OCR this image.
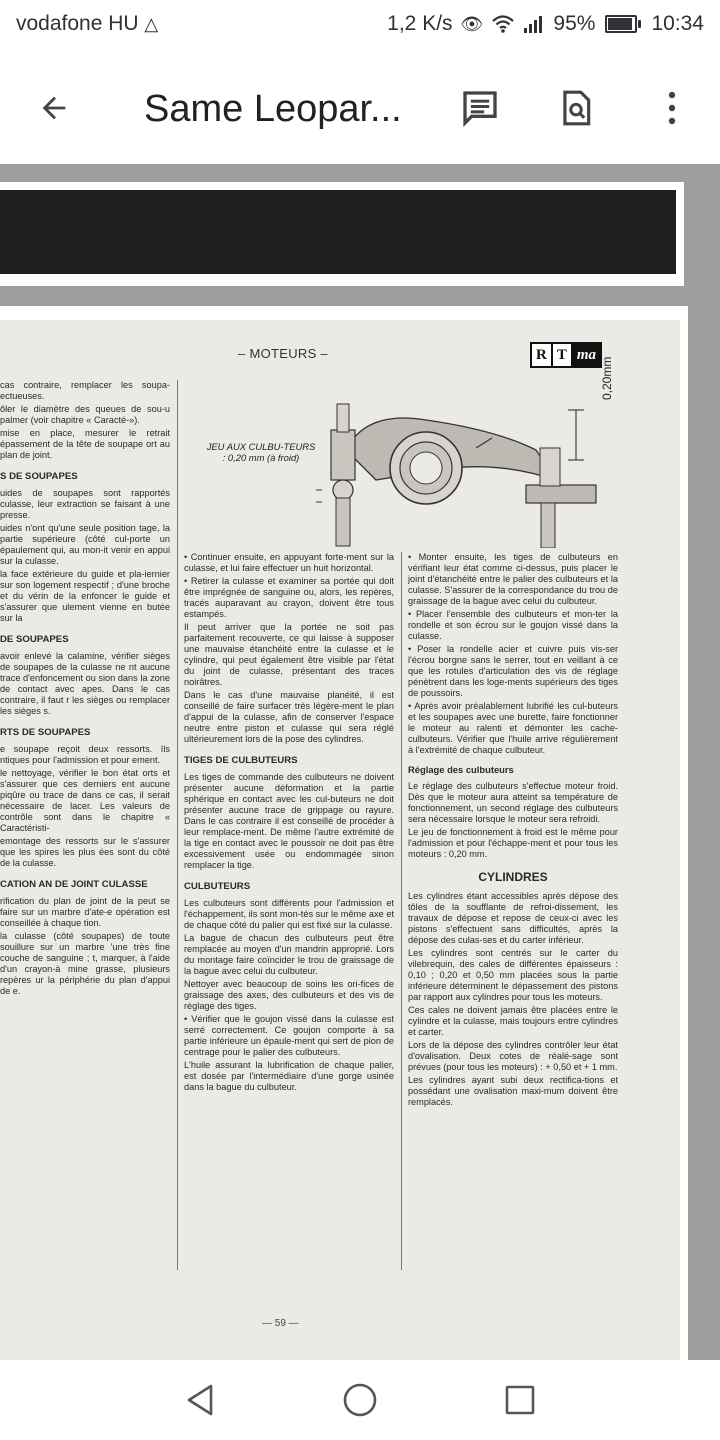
vodafone HU △	1,2 K/s 👁	95%	10:34
Same Leopar...
– MOTEURS –	R T ma
JEU AUX CULBU-TEURS : 0,20 mm (à froid)
0,20mm

cas contraire, remplacer les soupa-ectueuses.

ôler le diamètre des queues de sou-u palmer (voir chapitre « Caracté-»).

mise en place, mesurer le retrait épassement de la tête de soupape ort au plan de joint.

S DE SOUPAPES

uides de soupapes sont rapportés culasse, leur extraction se faisant à une presse.

uides n'ont qu'une seule position tage, la partie supérieure (côté cul-porte un épaulement qui, au mon-it venir en appui sur la culasse.

la face extérieure du guide et pla-iernier sur son logement respectif ; d'une broche et du vérin de la enfoncer le guide et s'assurer que ulement vienne en butée sur la

DE SOUPAPES

avoir enlevé la calamine, vérifier sièges de soupapes de la culasse ne nt aucune trace d'enfoncement ou sion dans la zone de contact avec apes. Dans le cas contraire, il faut r les sièges ou remplacer les sièges s.

RTS DE SOUPAPES

e soupape reçoit deux ressorts. Ils ntiques pour l'admission et pour ement.

le nettoyage, vérifier le bon état orts et s'assurer que ces derniers ent aucune piqûre ou trace de dans ce cas, il serait nécessaire de lacer. Les valeurs de contrôle sont dans le chapitre « Caractéristi-

emontage des ressorts sur le s'assurer que les spires les plus ées sont du côté de la culasse.

CATION AN DE JOINT CULASSE

rification du plan de joint de la peut se faire sur un marbre d'ate-e opération est conseillée à chaque tion.

la culasse (côté soupapes) de toute souillure sur un marbre 'une très fine couche de sanguine ; t, marquer, à l'aide d'un crayon-à mine grasse, plusieurs repères ur la périphérie du plan d'appui de e.

• Continuer ensuite, en appuyant forte-ment sur la culasse, et lui faire effectuer un huit horizontal.

• Retirer la culasse et examiner sa portée qui doit être imprégnée de sanguine ou, alors, les repères, tracés auparavant au crayon, doivent être tous estampés.

Il peut arriver que la portée ne soit pas parfaitement recouverte, ce qui laisse à supposer une mauvaise étanchéité entre la culasse et le cylindre, qui peut également être visible par l'état du joint de culasse, présentant des traces noirâtres.

Dans le cas d'une mauvaise planéité, il est conseillé de faire surfacer très légère-ment le plan d'appui de la culasse, afin de conserver l'espace neutre entre piston et culasse qui sera réglé ultérieurement lors de la pose des cylindres.

TIGES DE CULBUTEURS

Les tiges de commande des culbuteurs ne doivent présenter aucune déformation et la partie sphérique en contact avec les cul-buteurs ne doit présenter aucune trace de grippage ou rayure. Dans le cas contraire il est conseillé de procéder à leur remplace-ment. De même l'autre extrémité de la tige en contact avec le poussoir ne doit pas être excessivement usée ou endommagée sinon remplacer la tige.

CULBUTEURS

Les culbuteurs sont différents pour l'admission et l'échappement, ils sont mon-tés sur le même axe et de chaque côté du palier qui est fixé sur la culasse.

La bague de chacun des culbuteurs peut être remplacée au moyen d'un mandrin approprié. Lors du montage faire coïncider le trou de graissage de la bague avec celui du culbuteur.

Nettoyer avec beaucoup de soins les ori-fices de graissage des axes, des culbuteurs et des vis de réglage des tiges.

• Vérifier que le goujon vissé dans la culasse est serré correctement. Ce goujon comporte à sa partie inférieure un épaule-ment qui sert de pion de centrage pour le palier des culbuteurs.

L'huile assurant la lubrification de chaque palier, est dosée par l'intermédiaire d'une gorge usinée dans la bague du culbuteur.

• Monter ensuite, les tiges de culbuteurs en vérifiant leur état comme ci-dessus, puis placer le joint d'étanchéité entre le palier des culbuteurs et la culasse. S'assurer de la correspondance du trou de graissage de la bague avec celui du culbuteur.

• Placer l'ensemble des culbuteurs et mon-ter la rondelle et son écrou sur le goujon vissé dans la culasse.

• Poser la rondelle acier et cuivre puis vis-ser l'écrou borgne sans le serrer, tout en veillant à ce que les rotules d'articulation des vis de réglage pénètrent dans les loge-ments supérieurs des tiges de poussoirs.

• Après avoir préalablement lubrifié les cul-buteurs et les soupapes avec une burette, faire fonctionner le moteur au ralenti et démonter les cache-culbuteurs. Vérifier que l'huile arrive régulièrement à l'extrémité de chaque culbuteur.

Réglage des culbuteurs

Le réglage des culbuteurs s'effectue moteur froid. Dès que le moteur aura atteint sa température de fonctionnement, un second réglage des culbuteurs sera nécessaire lorsque le moteur sera refroidi.

Le jeu de fonctionnement à froid est le même pour l'admission et pour l'échappe-ment et pour tous les moteurs : 0,20 mm.

CYLINDRES

Les cylindres étant accessibles après dépose des tôles de la soufflante de refroi-dissement, les travaux de dépose et repose de ceux-ci avec les pistons s'effectuent sans difficultés, après la dépose des culas-ses et du carter inférieur.

Les cylindres sont centrés sur le carter du vilebrequin, des cales de différentes épaisseurs : 0,10 ; 0,20 et 0,50 mm placées sous la partie inférieure déterminent le dépassement des pistons par rapport aux cylindres pour tous les moteurs.

Ces cales ne doivent jamais être placées entre le cylindre et la culasse, mais toujours entre cylindres et carter.

Lors de la dépose des cylindres contrôler leur état d'ovalisation. Deux cotes de réalé-sage sont prévues (pour tous les moteurs) : + 0,50 et + 1 mm.

Les cylindres ayant subi deux rectifica-tions et possédant une ovalisation maxi-mum doivent être remplacés.

— 59 —
